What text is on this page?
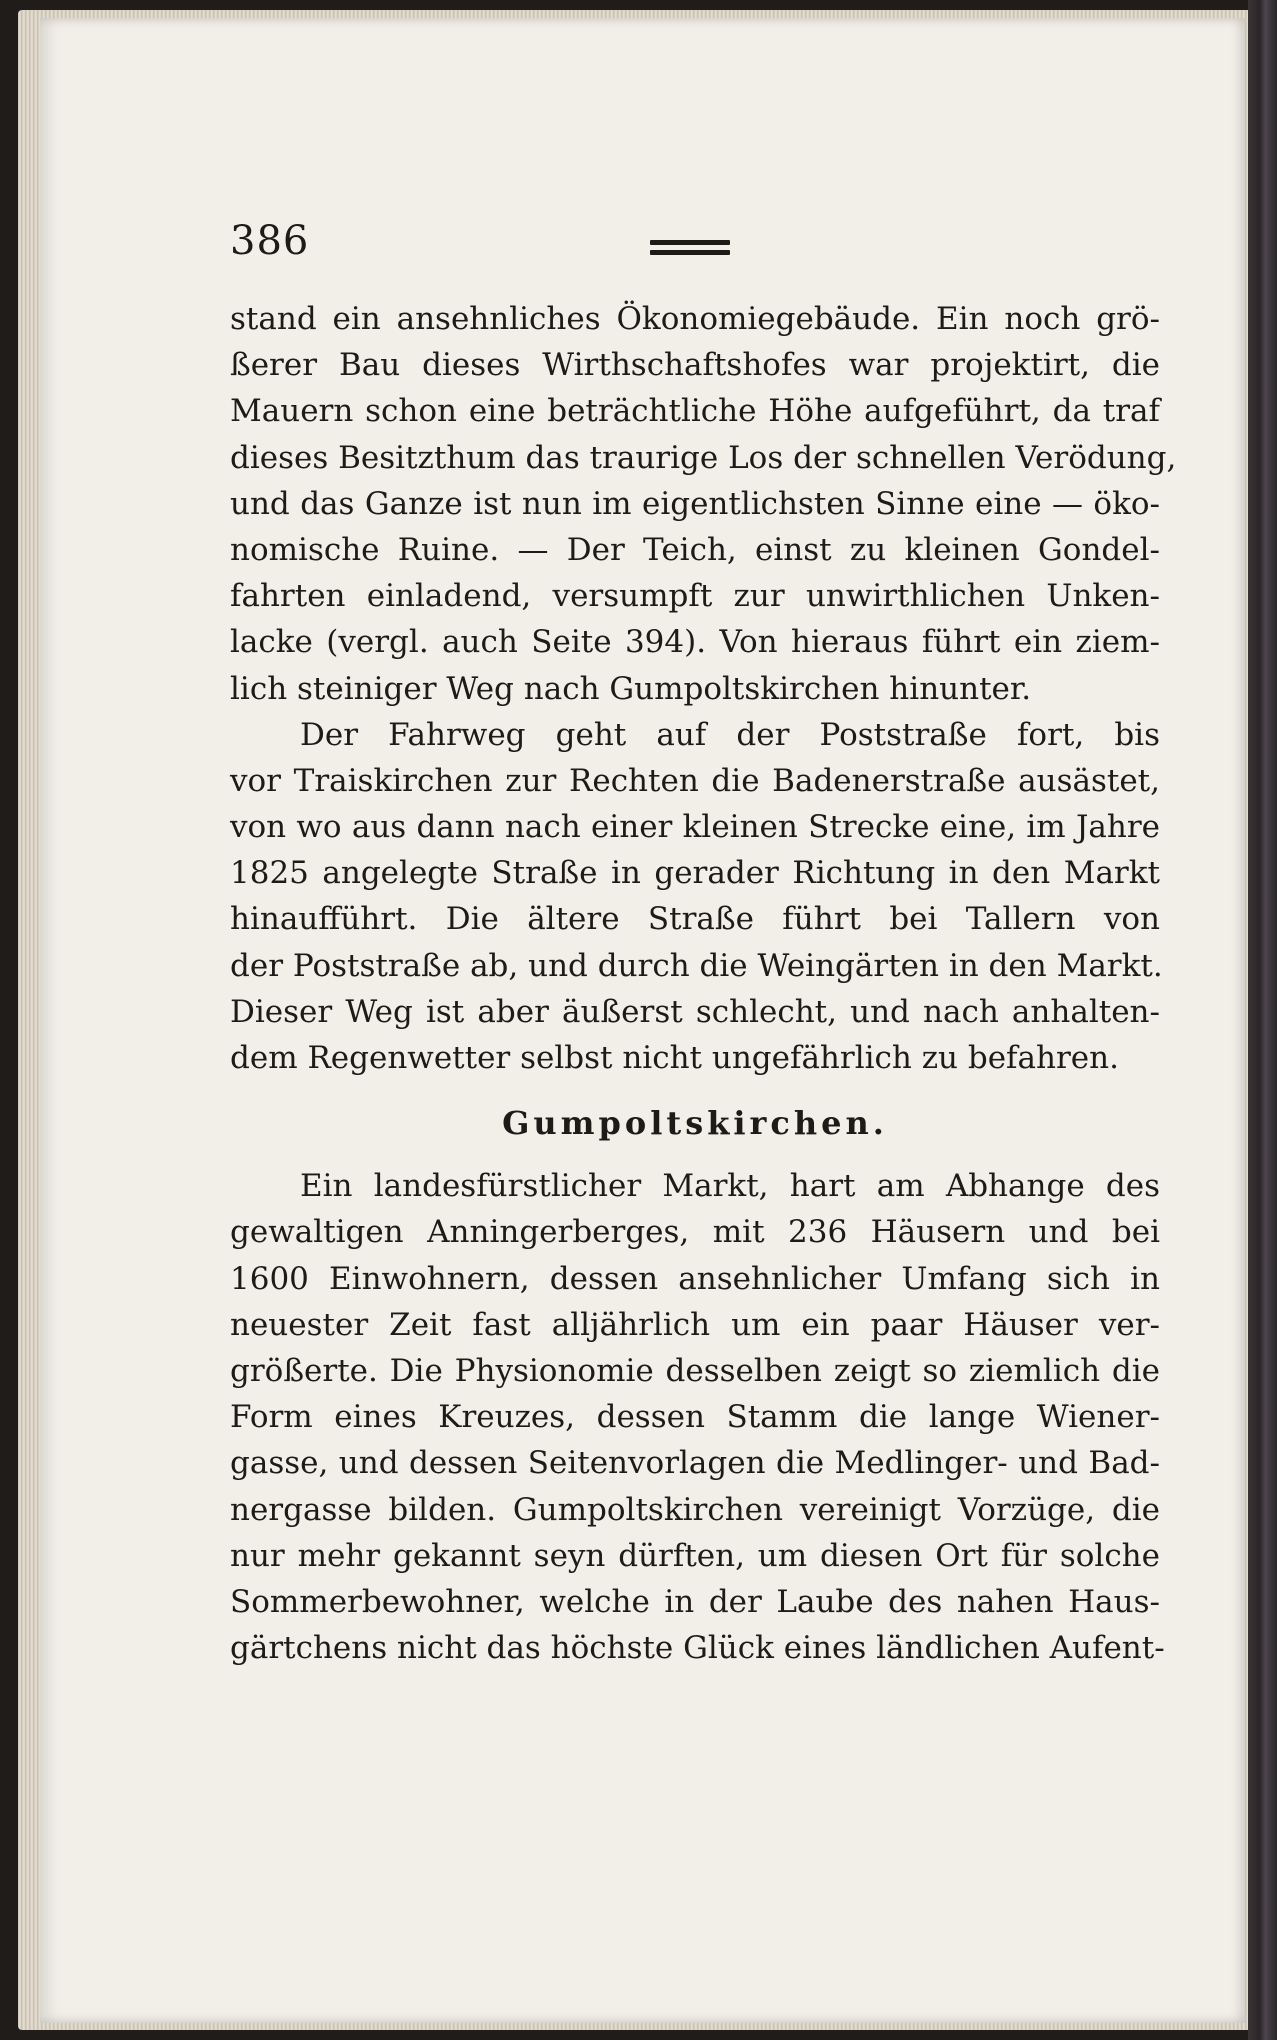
386
stand ein ansehnliches Ökonomiegebäude. Ein noch grö-
ßerer Bau dieses Wirthschaftshofes war projektirt, die
Mauern schon eine beträchtliche Höhe aufgeführt, da traf
dieses Besitzthum das traurige Los der schnellen Verödung,
und das Ganze ist nun im eigentlichsten Sinne eine — öko-
nomische Ruine. — Der Teich, einst zu kleinen Gondel-
fahrten einladend, versumpft zur unwirthlichen Unken-
lacke (vergl. auch Seite 394). Von hieraus führt ein ziem-
lich steiniger Weg nach Gumpoltskirchen hinunter.
Der Fahrweg geht auf der Poststraße fort, bis
vor Traiskirchen zur Rechten die Badenerstraße ausästet,
von wo aus dann nach einer kleinen Strecke eine, im Jahre
1825 angelegte Straße in gerader Richtung in den Markt
hinaufführt. Die ältere Straße führt bei Tallern von
der Poststraße ab, und durch die Weingärten in den Markt.
Dieser Weg ist aber äußerst schlecht, und nach anhalten-
dem Regenwetter selbst nicht ungefährlich zu befahren.
Gumpoltskirchen.
Ein landesfürstlicher Markt, hart am Abhange des
gewaltigen Anningerberges, mit 236 Häusern und bei
1600 Einwohnern, dessen ansehnlicher Umfang sich in
neuester Zeit fast alljährlich um ein paar Häuser ver-
größerte. Die Physionomie desselben zeigt so ziemlich die
Form eines Kreuzes, dessen Stamm die lange Wiener-
gasse, und dessen Seitenvorlagen die Medlinger- und Bad-
nergasse bilden. Gumpoltskirchen vereinigt Vorzüge, die
nur mehr gekannt seyn dürften, um diesen Ort für solche
Sommerbewohner, welche in der Laube des nahen Haus-
gärtchens nicht das höchste Glück eines ländlichen Aufent-
